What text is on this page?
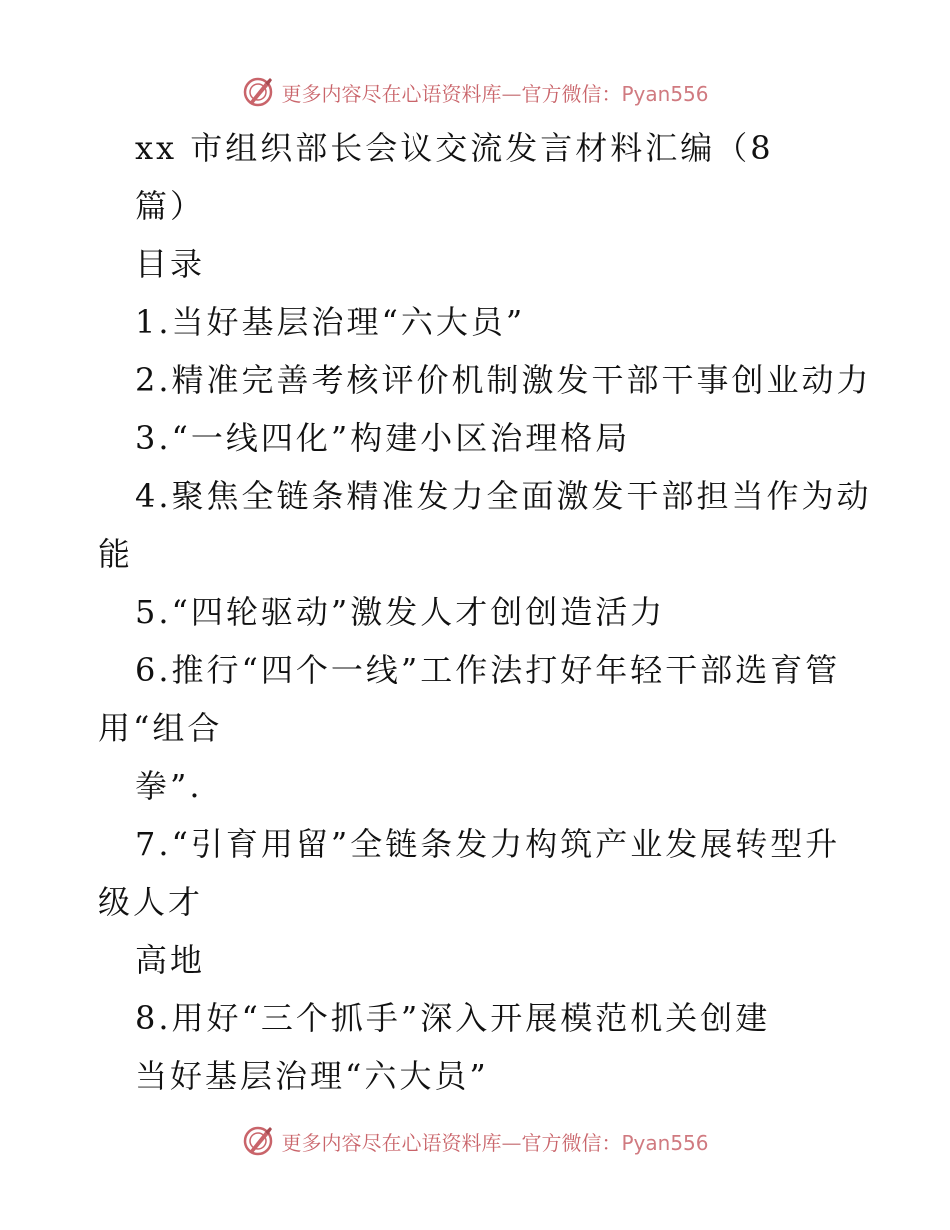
更多内容尽在心语资料库—官方微信：Pyan556
xx 市组织部长会议交流发言材料汇编（8
篇）
目录
1.当好基层治理“六大员”
2.精准完善考核评价机制激发干部干事创业动力
3.“一线四化”构建小区治理格局
4.聚焦全链条精准发力全面激发干部担当作为动
能
5.“四轮驱动”激发人才创创造活力
6.推行“四个一线”工作法打好年轻干部选育管
用“组合
拳”.
7.“引育用留”全链条发力构筑产业发展转型升
级人才
高地
8.用好“三个抓手”深入开展模范机关创建
当好基层治理“六大员”
更多内容尽在心语资料库—官方微信：Pyan556
